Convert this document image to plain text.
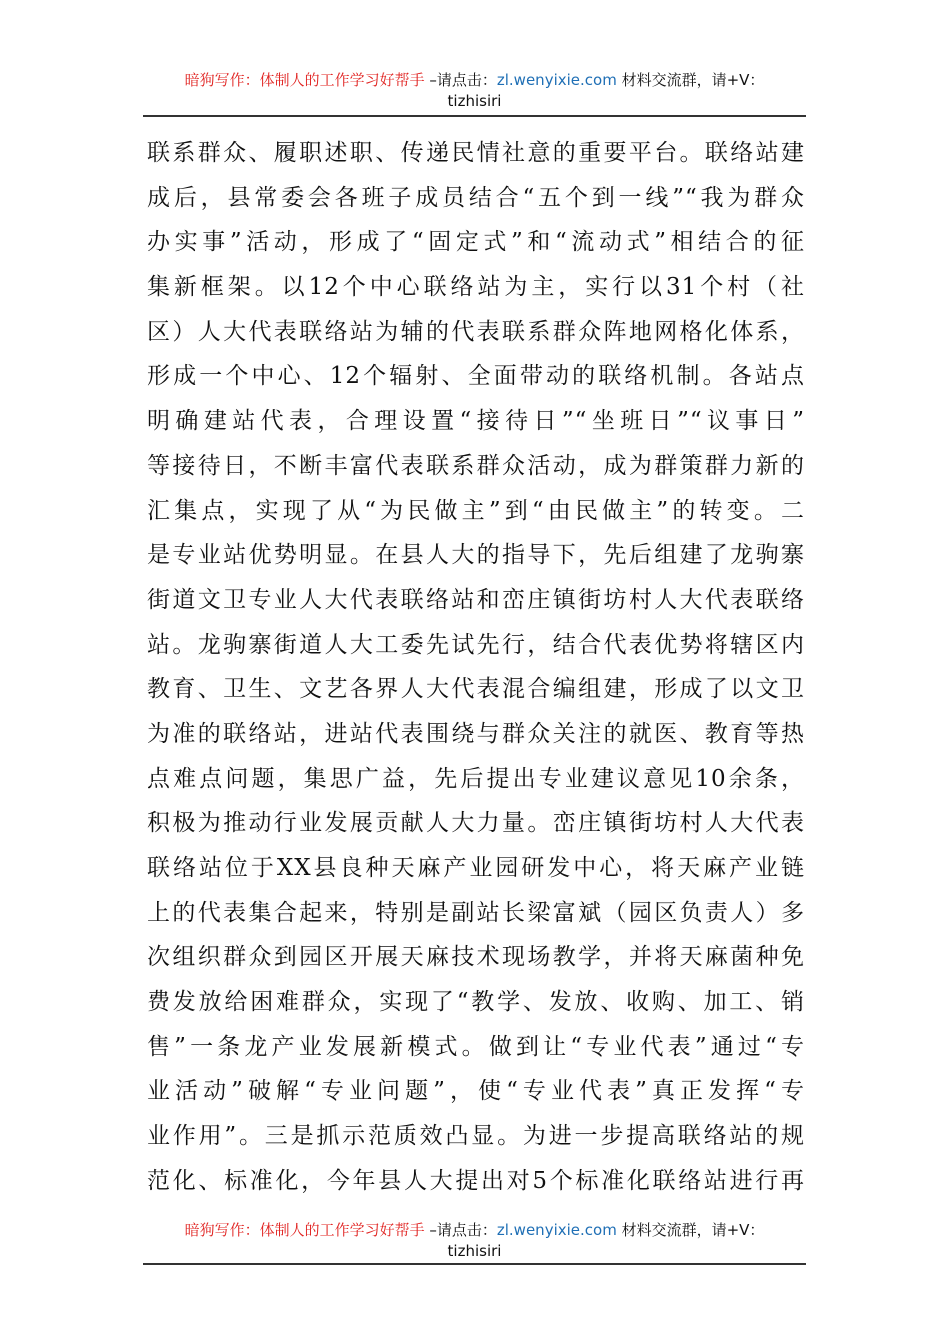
暗狗写作：体制人的工作学习好帮手 –请点击：zl.wenyixie.com 材料交流群，请+V：
tizhisiri
联系群众、履职述职、传递民情社意的重要平台。联络站建
成后，县常委会各班子成员结合“五个到一线”“我为群众
办实事”活动，形成了“固定式”和“流动式”相结合的征
集新框架。以12个中心联络站为主，实行以31个村（社
区）人大代表联络站为辅的代表联系群众阵地网格化体系，
形成一个中心、12个辐射、全面带动的联络机制。各站点
明确建站代表，合理设置“接待日”“坐班日”“议事日”
等接待日，不断丰富代表联系群众活动，成为群策群力新的
汇集点，实现了从“为民做主”到“由民做主”的转变。二
是专业站优势明显。在县人大的指导下，先后组建了龙驹寨
街道文卫专业人大代表联络站和峦庄镇街坊村人大代表联络
站。龙驹寨街道人大工委先试先行，结合代表优势将辖区内
教育、卫生、文艺各界人大代表混合编组建，形成了以文卫
为准的联络站，进站代表围绕与群众关注的就医、教育等热
点难点问题，集思广益，先后提出专业建议意见10余条，
积极为推动行业发展贡献人大力量。峦庄镇街坊村人大代表
联络站位于XX县良种天麻产业园研发中心，将天麻产业链
上的代表集合起来，特别是副站长梁富斌（园区负责人）多
次组织群众到园区开展天麻技术现场教学，并将天麻菌种免
费发放给困难群众，实现了“教学、发放、收购、加工、销
售”一条龙产业发展新模式。做到让“专业代表”通过“专
业活动”破解“专业问题”，使“专业代表”真正发挥“专
业作用”。三是抓示范质效凸显。为进一步提高联络站的规
范化、标准化，今年县人大提出对5个标准化联络站进行再
暗狗写作：体制人的工作学习好帮手 –请点击：zl.wenyixie.com 材料交流群，请+V：
tizhisiri
